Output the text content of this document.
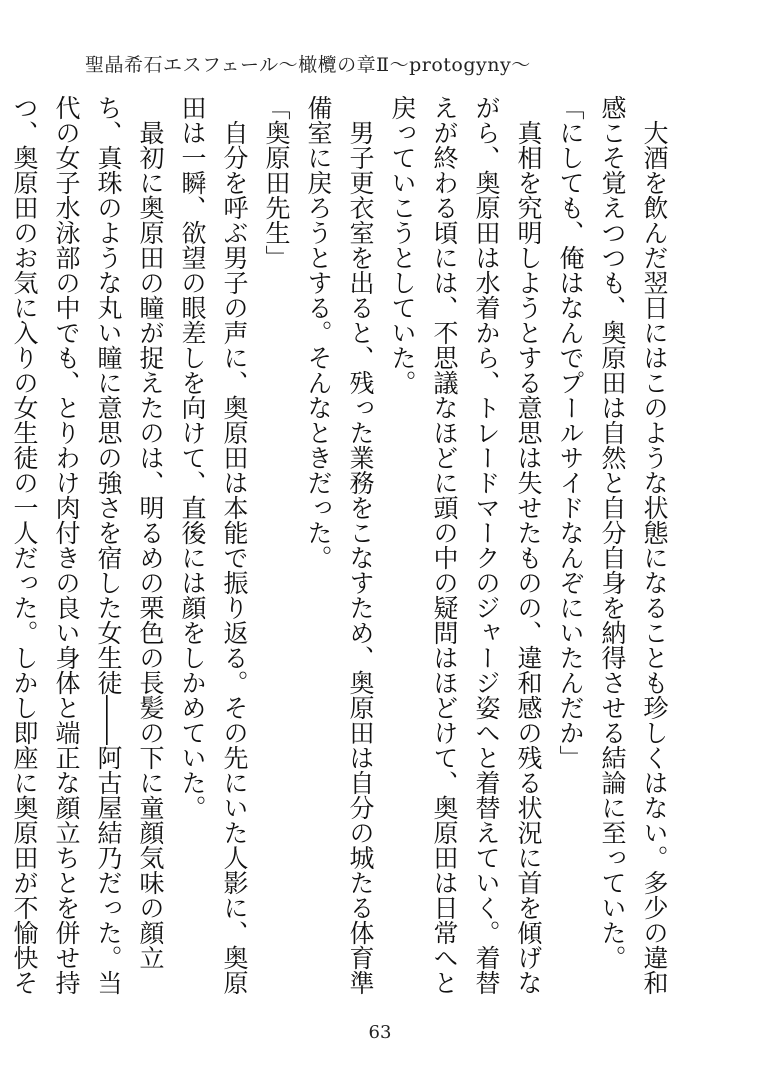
聖晶希石エスフェール〜橄欖の章Ⅱ〜protogyny〜

大酒を飲んだ翌日にはこのような状態になることも珍しくはない。多少の違和感こそ覚えつつも、奥原田は自然と自分自身を納得させる結論に至っていた。

「にしても、俺はなんでプールサイドなんぞにいたんだか」

真相を究明しようとする意思は失せたものの、違和感の残る状況に首を傾げながら、奥原田は水着から、トレードマークのジャージ姿へと着替えていく。着替えが終わる頃には、不思議なほどに頭の中の疑問はほどけて、奥原田は日常へと戻っていこうとしていた。

男子更衣室を出ると、残った業務をこなすため、奥原田は自分の城たる体育準備室に戻ろうとする。そんなときだった。

「奥原田先生」

自分を呼ぶ男子の声に、奥原田は本能で振り返る。その先にいた人影に、奥原田は一瞬、欲望の眼差しを向けて、直後には顔をしかめていた。

最初に奥原田の瞳が捉えたのは、明るめの栗色の長髪の下に童顔気味の顔立ち、真珠のような丸い瞳に意思の強さを宿した女生徒――阿古屋結乃だった。当代の女子水泳部の中でも、とりわけ肉付きの良い身体と端正な顔立ちとを併せ持つ、奥原田のお気に入りの女生徒の一人だった。しかし即座に奥原田が不愉快そ

63
